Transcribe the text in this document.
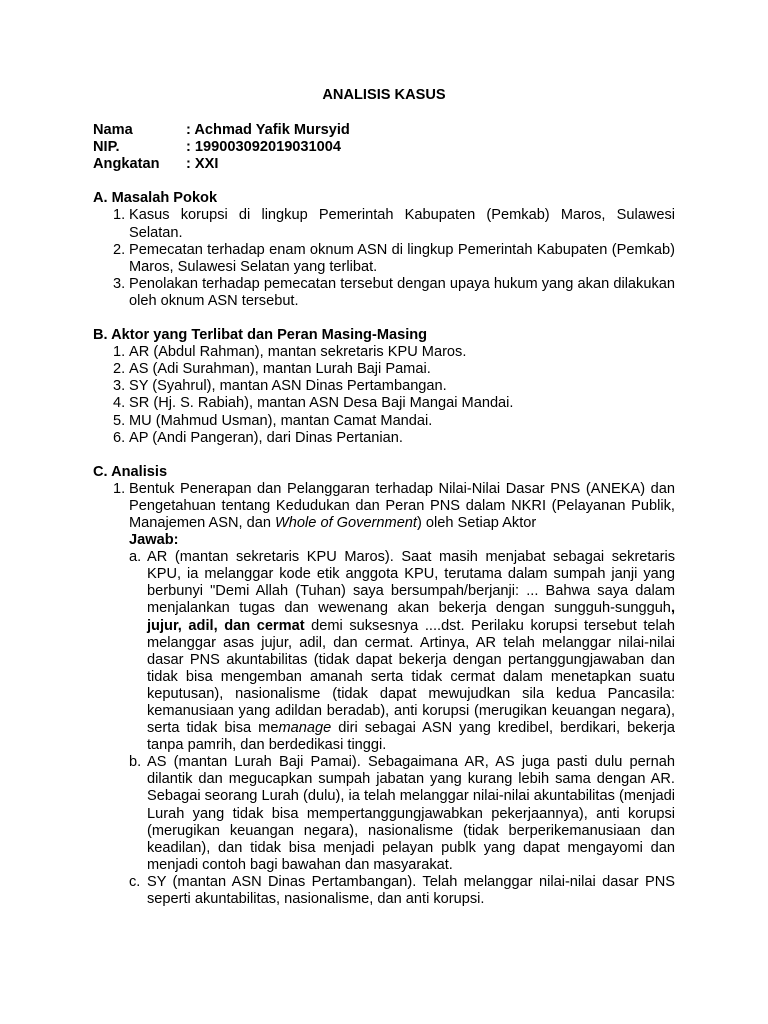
ANALISIS KASUS
Nama	: Achmad Yafik Mursyid
NIP.	: 199003092019031004
Angkatan	: XXI
A. Masalah Pokok
1. Kasus korupsi di lingkup Pemerintah Kabupaten (Pemkab) Maros, Sulawesi Selatan.
2. Pemecatan terhadap enam oknum ASN di lingkup Pemerintah Kabupaten (Pemkab) Maros, Sulawesi Selatan yang terlibat.
3. Penolakan terhadap pemecatan tersebut dengan upaya hukum yang akan dilakukan oleh oknum ASN tersebut.
B. Aktor yang Terlibat dan Peran Masing-Masing
1. AR (Abdul Rahman), mantan sekretaris KPU Maros.
2. AS (Adi Surahman), mantan Lurah Baji Pamai.
3. SY (Syahrul), mantan ASN Dinas Pertambangan.
4. SR (Hj. S. Rabiah), mantan ASN Desa Baji Mangai Mandai.
5. MU (Mahmud Usman), mantan Camat Mandai.
6. AP (Andi Pangeran), dari Dinas Pertanian.
C. Analisis
1. Bentuk Penerapan dan Pelanggaran terhadap Nilai-Nilai Dasar PNS (ANEKA) dan Pengetahuan tentang Kedudukan dan Peran PNS dalam NKRI (Pelayanan Publik, Manajemen ASN, dan Whole of Government) oleh Setiap Aktor
Jawab:
a. AR (mantan sekretaris KPU Maros). Saat masih menjabat sebagai sekretaris KPU, ia melanggar kode etik anggota KPU, terutama dalam sumpah janji yang berbunyi "Demi Allah (Tuhan) saya bersumpah/berjanji: ... Bahwa saya dalam menjalankan tugas dan wewenang akan bekerja dengan sungguh-sungguh, jujur, adil, dan cermat demi suksesnya ....dst. Perilaku korupsi tersebut telah melanggar asas jujur, adil, dan cermat. Artinya, AR telah melanggar nilai-nilai dasar PNS akuntabilitas (tidak dapat bekerja dengan pertanggungjawaban dan tidak bisa mengemban amanah serta tidak cermat dalam menetapkan suatu keputusan), nasionalisme (tidak dapat mewujudkan sila kedua Pancasila: kemanusiaan yang adildan beradab), anti korupsi (merugikan keuangan negara), serta tidak bisa memanage diri sebagai ASN yang kredibel, berdikari, bekerja tanpa pamrih, dan berdedikasi tinggi.
b. AS (mantan Lurah Baji Pamai). Sebagaimana AR, AS juga pasti dulu pernah dilantik dan megucapkan sumpah jabatan yang kurang lebih sama dengan AR. Sebagai seorang Lurah (dulu), ia telah melanggar nilai-nilai akuntabilitas (menjadi Lurah yang tidak bisa mempertanggungjawabkan pekerjaannya), anti korupsi (merugikan keuangan negara), nasionalisme (tidak berperikemanusiaan dan keadilan), dan tidak bisa menjadi pelayan publk yang dapat mengayomi dan menjadi contoh bagi bawahan dan masyarakat.
c. SY (mantan ASN Dinas Pertambangan). Telah melanggar nilai-nilai dasar PNS seperti akuntabilitas, nasionalisme, dan anti korupsi.
